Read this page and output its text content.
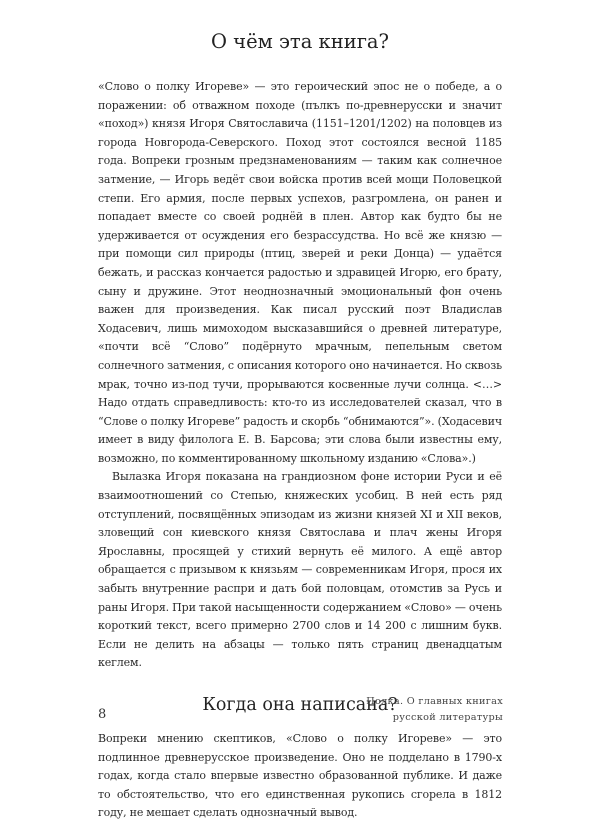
О чём эта книга?

«Слово о полку Игореве» — это героический эпос не о победе, а о поражении: об отважном походе (пълкъ по-древнерусски и значит «поход») князя Игоря Святославича (1151–1201/1202) на половцев из города Новгорода-Северского. Поход этот состоялся весной 1185 года. Вопреки грозным предзнаменованиям — таким как солнечное затмение, — Игорь ведёт свои войска против всей мощи Половецкой степи. Его армия, после первых успехов, разгромлена, он ранен и попадает вместе со своей роднёй в плен. Автор как будто бы не удерживается от осуждения его безрассудства. Но всё же князю — при помощи сил природы (птиц, зверей и реки Донца) — удаётся бежать, и рассказ кончается радостью и здравицей Игорю, его брату, сыну и дружине. Этот неоднозначный эмоциональный фон очень важен для произведения. Как писал русский поэт Владислав Ходасевич, лишь мимоходом высказавшийся о древней литературе, «почти всё “Слово” подёрнуто мрачным, пепельным светом солнечного затмения, с описания которого оно начинается. Но сквозь мрак, точно из-под тучи, прорываются косвенные лучи солнца. <…> Надо отдать справедливость: кто-то из исследователей сказал, что в “Слове о полку Игореве” радость и скорбь “обнимаются”». (Ходасевич имеет в виду филолога Е. В. Барсова; эти слова были известны ему, возможно, по комментированному школьному изданию «Слова».)

Вылазка Игоря показана на грандиозном фоне истории Руси и её взаимоотношений со Степью, княжеских усобиц. В ней есть ряд отступлений, посвящённых эпизодам из жизни князей XI и XII веков, зловещий сон киевского князя Святослава и плач жены Игоря Ярославны, просящей у стихий вернуть её милого. А ещё автор обращается с призывом к князьям — современникам Игоря, прося их забыть внутренние распри и дать бой половцам, отомстив за Русь и раны Игоря. При такой насыщенности содержанием «Слово» — очень короткий текст, всего примерно 2700 слов и 14 200 с лишним букв. Если не делить на абзацы — только пять страниц двенадцатым кеглем.

Когда она написана?

Вопреки мнению скептиков, «Слово о полку Игореве» — это подлинное древнерусское произведение. Оно не подделано в 1790-х годах, когда стало впервые известно образованной публике. И даже то обстоятельство, что его единственная рукопись сгорела в 1812 году, не мешает сделать однозначный вывод.

8
Полка. О главных книгах
русской литературы
